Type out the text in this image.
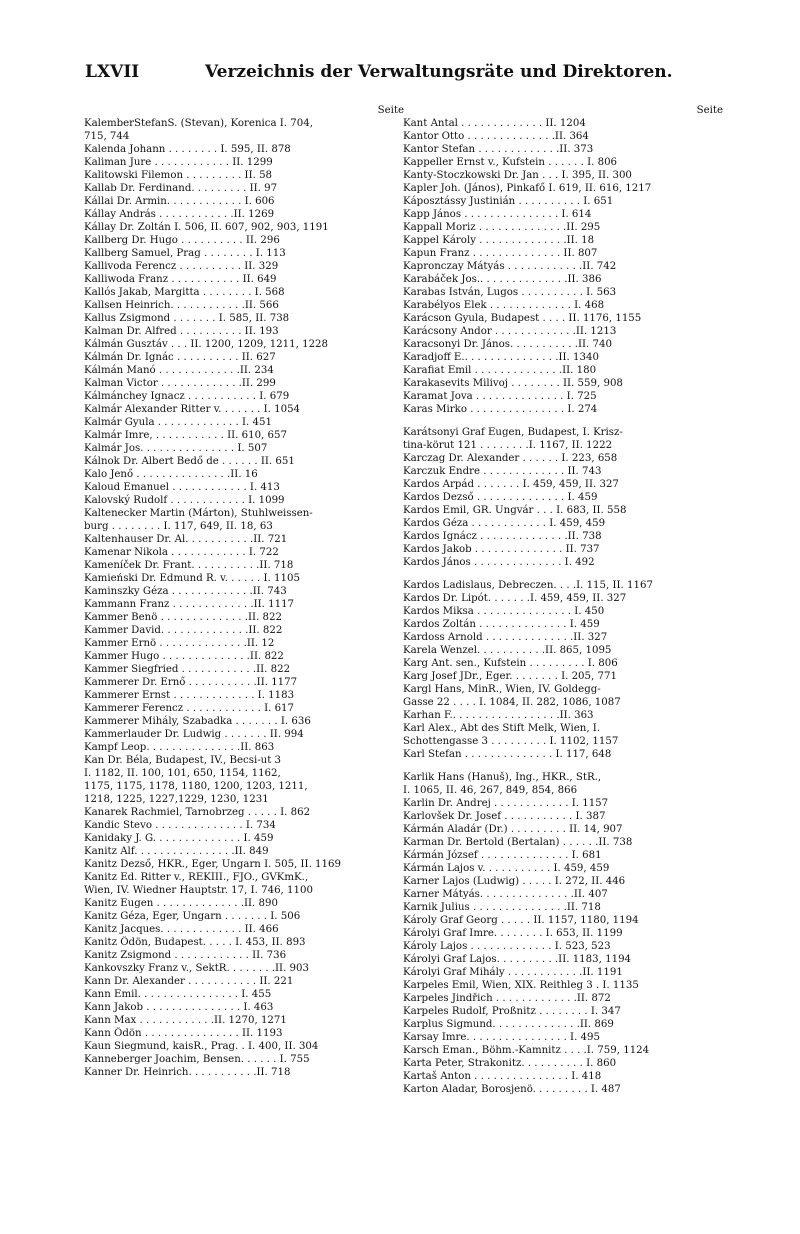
LXVII	Verzeichnis der Verwaltungsräte und Direktoren.
Seite
KalemberStefanS. (Stevan), Korenica I. 704,
715, 744
Kalenda Johann . . . . . . . . I. 595, II. 878
Kaliman Jure . . . . . . . . . . . . II. 1299
Kalitowski Filemon . . . . . . . . . II. 58
Kallab Dr. Ferdinand. . . . . . . . . II. 97
Kállai Dr. Armin. . . . . . . . . . . . I. 606
Kállay András . . . . . . . . . . . .II. 1269
Kállay Dr. Zoltán I. 506, II. 607, 902, 903, 1191
Kallberg Dr. Hugo . . . . . . . . . . II. 296
Kallberg Samuel, Prag . . . . . . . . I. 113
Kallivoda Ferencz . . . . . . . . . . II. 329
Kalliwoda Franz . . . . . . . . . . . II. 649
Kallós Jakab, Margitta . . . . . . . . I. 568
Kallsen Heinrich. . . . . . . . . . . .II. 566
Kallus Zsigmond . . . . . . . I. 585, II. 738
Kalman Dr. Alfred . . . . . . . . . . II. 193
Kálmán Gusztáv . . . II. 1200, 1209, 1211, 1228
Kálmán Dr. Ignác . . . . . . . . . . II. 627
Kálmán Manó . . . . . . . . . . . . .II. 234
Kalman Victor . . . . . . . . . . . . .II. 299
Kálmánchey Ignacz . . . . . . . . . . . I. 679
Kalmár Alexander Ritter v. . . . . . . I. 1054
Kalmár Gyula . . . . . . . . . . . . . I. 451
Kalmár Imre, . . . . . . . . . . . II. 610, 657
Kalmár Jos. . . . . . . . . . . . . . . I. 507
Kálnok Dr. Albert Bedő de . . . . . . II. 651
Kalo Jenő . . . . . . . . . . . . . . .II. 16
Kaloud Emanuel . . . . . . . . . . . . I. 413
Kalovský Rudolf . . . . . . . . . . . . I. 1099
Kaltenecker Martin (Márton), Stuhlweissen-
burg . . . . . . . . I. 117, 649, II. 18, 63
Kaltenhauser Dr. Al. . . . . . . . . . .II. 721
Kamenar Nikola . . . . . . . . . . . . I. 722
Kameníček Dr. Frant. . . . . . . . . . .II. 718
Kamieński Dr. Edmund R. v. . . . . . I. 1105
Kaminszky Géza . . . . . . . . . . . . .II. 743
Kammann Franz . . . . . . . . . . . . .II. 1117
Kammer Benö . . . . . . . . . . . . . .II. 822
Kammer David. . . . . . . . . . . . . .II. 822
Kammer Ernö . . . . . . . . . . . . . .II. 12
Kammer Hugo . . . . . . . . . . . . . .II. 822
Kammer Siegfried . . . . . . . . . . . .II. 822
Kammerer Dr. Ernő . . . . . . . . . . .II. 1177
Kammerer Ernst . . . . . . . . . . . . . I. 1183
Kammerer Ferencz . . . . . . . . . . . . I. 617
Kammerer Mihály, Szabadka . . . . . . . I. 636
Kammerlauder Dr. Ludwig . . . . . . . II. 994
Kampf Leop. . . . . . . . . . . . . . .II. 863
Kan Dr. Béla, Budapest, IV., Becsi-ut 3
I. 1182, II. 100, 101, 650, 1154, 1162,
1175, 1175, 1178, 1180, 1200, 1203, 1211,
1218, 1225, 1227,1229, 1230, 1231
Kanarek Rachmiel, Tarnobrzeg . . . . . I. 862
Kandic Stevo . . . . . . . . . . . . . . I. 734
Kanidaky J. G. . . . . . . . . . . . . . I. 459
Kanitz Alf. . . . . . . . . . . . . . . .II. 849
Kanitz Dezső, HKR., Eger, Ungarn I. 505, II. 1169
Kanitz Ed. Ritter v., REKIII., FJO., GVKmK.,
Wien, IV. Wiedner Hauptstr. 17, I. 746, 1100
Kanitz Eugen . . . . . . . . . . . . . .II. 890
Kanitz Géza, Eger, Ungarn . . . . . . . I. 506
Kanitz Jacques. . . . . . . . . . . . . II. 466
Kanitz Ödön, Budapest. . . . . I. 453, II. 893
Kanitz Zsigmond . . . . . . . . . . . . II. 736
Kankovszky Franz v., SektR. . . . . . . .II. 903
Kann Dr. Alexander . . . . . . . . . . . II. 221
Kann Emil. . . . . . . . . . . . . . . . I. 455
Kann Jakob . . . . . . . . . . . . . . . I. 463
Kann Max . . . . . . . . . . . .II. 1270, 1271
Kann Ödön . . . . . . . . . . . . . . . II. 1193
Kaun Siegmund, kaisR., Prag. . I. 400, II. 304
Kanneberger Joachim, Bensen. . . . . . I. 755
Kanner Dr. Heinrich. . . . . . . . . . .II. 718
Seite
Kant Antal . . . . . . . . . . . . . II. 1204
Kantor Otto . . . . . . . . . . . . . .II. 364
Kantor Stefan . . . . . . . . . . . . .II. 373
Kappeller Ernst v., Kufstein . . . . . . I. 806
Kanty-Stoczkowski Dr. Jan . . . I. 395, II. 300
Kapler Joh. (János), Pinkafő I. 619, II. 616, 1217
Káposztássy Justinián . . . . . . . . . . I. 651
Kapp János . . . . . . . . . . . . . . . I. 614
Kappall Moriz . . . . . . . . . . . . . .II. 295
Kappel Károly . . . . . . . . . . . . . .II. 18
Kapun Franz . . . . . . . . . . . . . . II. 807
Kapronczay Mátyás . . . . . . . . . . . .II. 742
Karabáček Jos.. . . . . . . . . . . . . .II. 386
Karabas István, Lugos . . . . . . . . . . I. 563
Karabélyos Elek . . . . . . . . . . . . . I. 468
Karácson Gyula, Budapest . . . . II. 1176, 1155
Karácsony Andor . . . . . . . . . . . . .II. 1213
Karacsonyi Dr. János. . . . . . . . . . .II. 740
Karadjoff E.. . . . . . . . . . . . . . .II. 1340
Karafiat Emil . . . . . . . . . . . . . .II. 180
Karakasevits Milivoj . . . . . . . . II. 559, 908
Karamat Jova . . . . . . . . . . . . . . I. 725
Karas Mirko . . . . . . . . . . . . . . . I. 274
Karátsonyi Graf Eugen, Budapest, I. Krisz-
tina-körut 121 . . . . . . . .I. 1167, II. 1222
Karczag Dr. Alexander . . . . . . I. 223, 658
Karczuk Endre . . . . . . . . . . . . . II. 743
Kardos Arpád . . . . . . . I. 459, 459, II. 327
Kardos Dezső . . . . . . . . . . . . . . I. 459
Kardos Emil, GR. Ungvár . . . I. 683, II. 558
Kardos Géza . . . . . . . . . . . . I. 459, 459
Kardos Ignácz . . . . . . . . . . . . . .II. 738
Kardos Jakob . . . . . . . . . . . . . . II. 737
Kardos János . . . . . . . . . . . . . . I. 492
Kardos Ladislaus, Debreczen. . . .I. 115, II. 1167
Kardos Dr. Lipót. . . . . . .I. 459, 459, II. 327
Kardos Miksa . . . . . . . . . . . . . . . I. 450
Kardos Zoltán . . . . . . . . . . . . . . I. 459
Kardoss Arnold . . . . . . . . . . . . . .II. 327
Karela Wenzel. . . . . . . . . . .II. 865, 1095
Karg Ant. sen., Kufstein . . . . . . . . . I. 806
Karg Josef JDr., Eger. . . . . . . . I. 205, 771
Kargl Hans, MinR., Wien, IV. Goldegg-
Gasse 22 . . . . I. 1084, II. 282, 1086, 1087
Karhan F.. . . . . . . . . . . . . . . . .II. 363
Karl Alex., Abt des Stift Melk, Wien, I.
Schottengasse 3 . . . . . . . . . I. 1102, 1157
Karl Stefan . . . . . . . . . . . . . . I. 117, 648
Karlik Hans (Hanuš), Ing., HKR., StR.,
I. 1065, II. 46, 267, 849, 854, 866
Karlin Dr. Andrej . . . . . . . . . . . . I. 1157
Karlovšek Dr. Josef . . . . . . . . . . . I. 387
Kármán Aladár (Dr.) . . . . . . . . . II. 14, 907
Karman Dr. Bertold (Bertalan) . . . . . .II. 738
Kármán József . . . . . . . . . . . . . . I. 681
Kármán Lajos v. . . . . . . . . . . I. 459, 459
Karner Lajos (Ludwig) . . . . . I. 272, II. 446
Karner Mátyás. . . . . . . . . . . . . . .II. 407
Karnik Julius . . . . . . . . . . . . . . .II. 718
Károly Graf Georg . . . . . II. 1157, 1180, 1194
Károlyi Graf Imre. . . . . . . . I. 653, II. 1199
Károly Lajos . . . . . . . . . . . . . I. 523, 523
Károlyi Graf Lajos. . . . . . . . . .II. 1183, 1194
Károlyi Graf Mihály . . . . . . . . . . . .II. 1191
Karpeles Emil, Wien, XIX. Reithleg 3 . I. 1135
Karpeles Jindřich . . . . . . . . . . . . .II. 872
Karpeles Rudolf, Proßnitz . . . . . . . . I. 347
Karplus Sigmund. . . . . . . . . . . . . .II. 869
Karsay Imre. . . . . . . . . . . . . . . . I. 495
Karsch Eman., Böhm.-Kamnitz . . . .I. 759, 1124
Karta Peter, Strakonitz. . . . . . . . . . I. 860
Kartaš Anton . . . . . . . . . . . . . . . I. 418
Karton Aladar, Borosjenö. . . . . . . . . I. 487
